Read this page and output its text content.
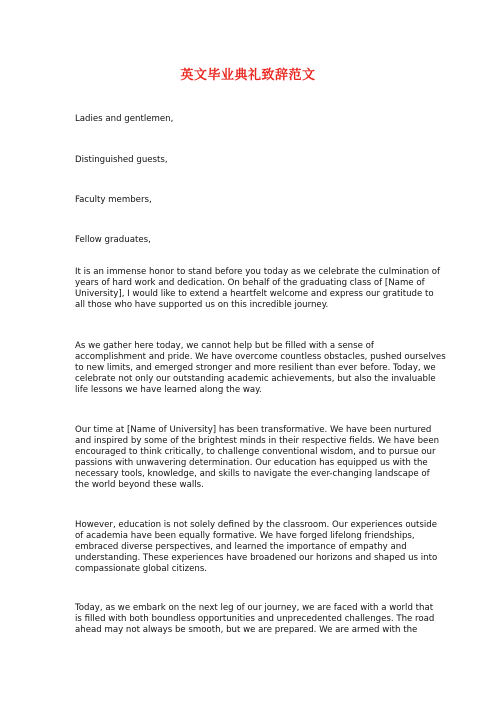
英文毕业典礼致辞范文
Ladies and gentlemen,
Distinguished guests,
Faculty members,
Fellow graduates,
It is an immense honor to stand before you today as we celebrate the culmination of
years of hard work and dedication. On behalf of the graduating class of [Name of
University], I would like to extend a heartfelt welcome and express our gratitude to
all those who have supported us on this incredible journey.
As we gather here today, we cannot help but be filled with a sense of
accomplishment and pride. We have overcome countless obstacles, pushed ourselves
to new limits, and emerged stronger and more resilient than ever before. Today, we
celebrate not only our outstanding academic achievements, but also the invaluable
life lessons we have learned along the way.
Our time at [Name of University] has been transformative. We have been nurtured
and inspired by some of the brightest minds in their respective fields. We have been
encouraged to think critically, to challenge conventional wisdom, and to pursue our
passions with unwavering determination. Our education has equipped us with the
necessary tools, knowledge, and skills to navigate the ever-changing landscape of
the world beyond these walls.
However, education is not solely defined by the classroom. Our experiences outside
of academia have been equally formative. We have forged lifelong friendships,
embraced diverse perspectives, and learned the importance of empathy and
understanding. These experiences have broadened our horizons and shaped us into
compassionate global citizens.
Today, as we embark on the next leg of our journey, we are faced with a world that
is filled with both boundless opportunities and unprecedented challenges. The road
ahead may not always be smooth, but we are prepared. We are armed with the
